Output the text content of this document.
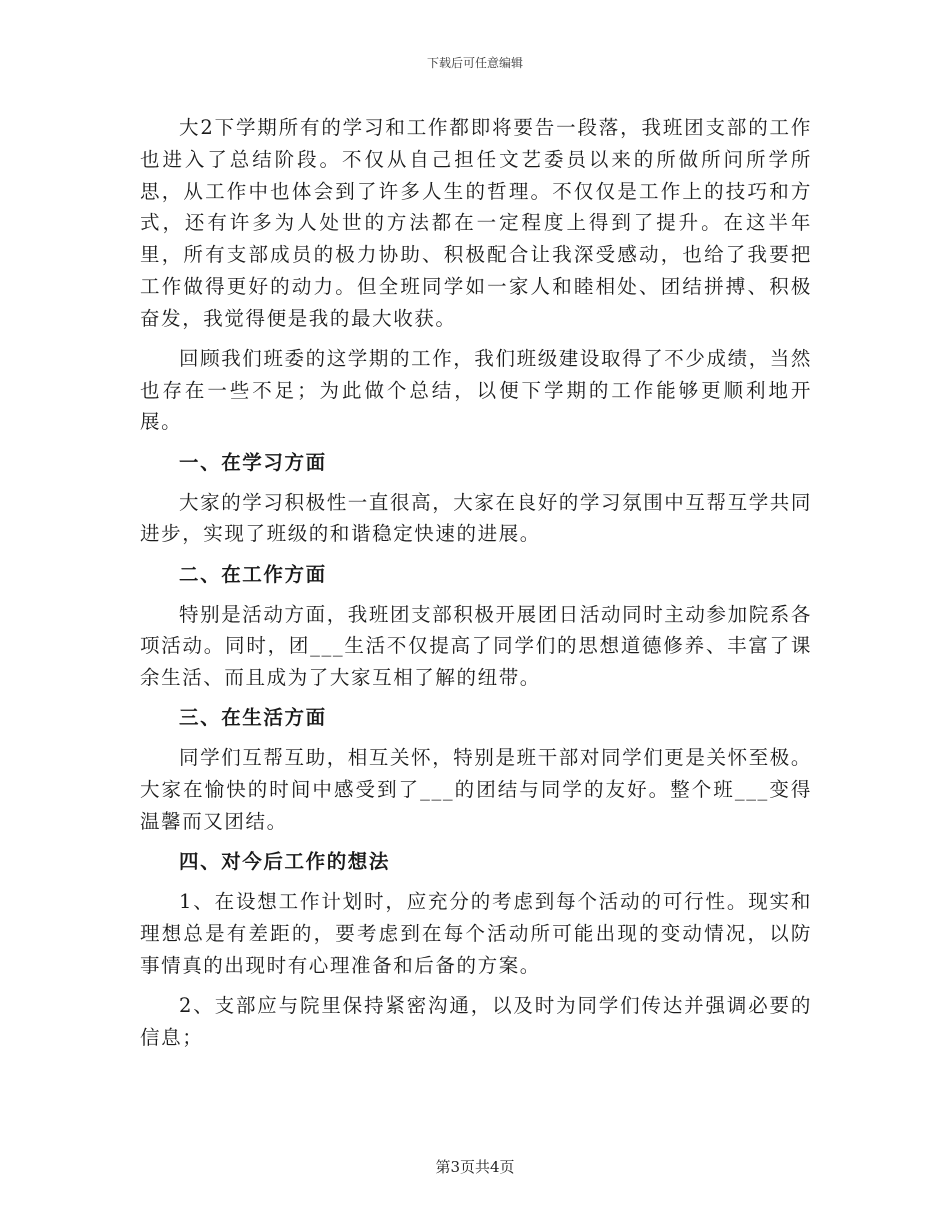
下载后可任意编辑

大2下学期所有的学习和工作都即将要告一段落，我班团支部的工作也进入了总结阶段。不仅从自己担任文艺委员以来的所做所问所学所思，从工作中也体会到了许多人生的哲理。不仅仅是工作上的技巧和方式，还有许多为人处世的方法都在一定程度上得到了提升。在这半年里，所有支部成员的极力协助、积极配合让我深受感动，也给了我要把工作做得更好的动力。但全班同学如一家人和睦相处、团结拼搏、积极奋发，我觉得便是我的最大收获。

回顾我们班委的这学期的工作，我们班级建设取得了不少成绩，当然也存在一些不足；为此做个总结，以便下学期的工作能够更顺利地开展。

一、在学习方面

大家的学习积极性一直很高，大家在良好的学习氛围中互帮互学共同进步，实现了班级的和谐稳定快速的进展。

二、在工作方面

特别是活动方面，我班团支部积极开展团日活动同时主动参加院系各项活动。同时，团___生活不仅提高了同学们的思想道德修养、丰富了课余生活、而且成为了大家互相了解的纽带。

三、在生活方面

同学们互帮互助，相互关怀，特别是班干部对同学们更是关怀至极。大家在愉快的时间中感受到了___的团结与同学的友好。整个班___变得温馨而又团结。

四、对今后工作的想法

1、在设想工作计划时，应充分的考虑到每个活动的可行性。现实和理想总是有差距的，要考虑到在每个活动所可能出现的变动情况，以防事情真的出现时有心理准备和后备的方案。

2、支部应与院里保持紧密沟通，以及时为同学们传达并强调必要的信息；

第3页共4页
